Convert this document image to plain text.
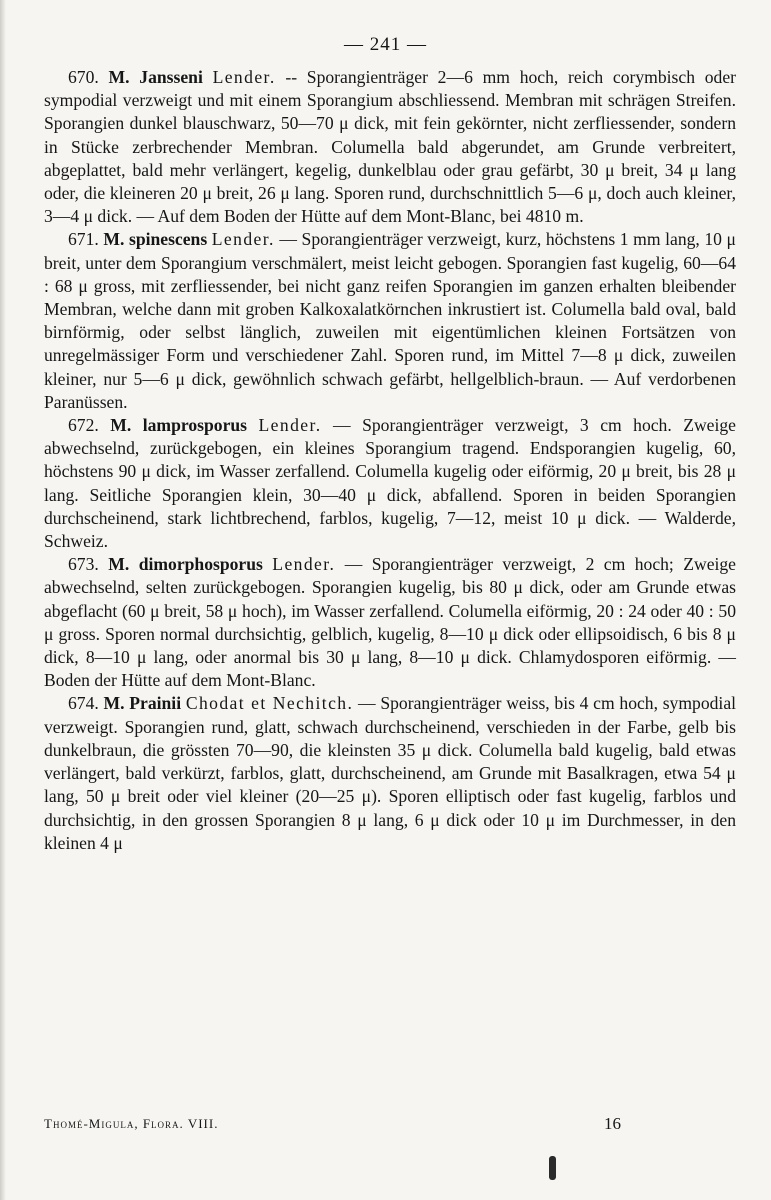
— 241 —

670. M. Jansseni Lender. -- Sporangienträger 2—6 mm hoch, reich corymbisch oder sympodial verzweigt und mit einem Sporangium abschliessend. Membran mit schrägen Streifen. Sporangien dunkel blauschwarz, 50—70 μ dick, mit fein gekörnter, nicht zerfliessender, sondern in Stücke zerbrechender Membran. Columella bald abgerundet, am Grunde verbreitert, abgeplattet, bald mehr verlängert, kegelig, dunkelblau oder grau gefärbt, 30 μ breit, 34 μ lang oder, die kleineren 20 μ breit, 26 μ lang. Sporen rund, durchschnittlich 5—6 μ, doch auch kleiner, 3—4 μ dick. — Auf dem Boden der Hütte auf dem Mont-Blanc, bei 4810 m.

671. M. spinescens Lender. — Sporangienträger verzweigt, kurz, höchstens 1 mm lang, 10 μ breit, unter dem Sporangium verschmälert, meist leicht gebogen. Sporangien fast kugelig, 60—64 : 68 μ gross, mit zerfliessender, bei nicht ganz reifen Sporangien im ganzen erhalten bleibender Membran, welche dann mit groben Kalkoxalatkörnchen inkrustiert ist. Columella bald oval, bald birnförmig, oder selbst länglich, zuweilen mit eigentümlichen kleinen Fortsätzen von unregelmässiger Form und verschiedener Zahl. Sporen rund, im Mittel 7—8 μ dick, zuweilen kleiner, nur 5—6 μ dick, gewöhnlich schwach gefärbt, hellgelblich-braun. — Auf verdorbenen Paranüssen.

672. M. lamprosporus Lender. — Sporangienträger verzweigt, 3 cm hoch. Zweige abwechselnd, zurückgebogen, ein kleines Sporangium tragend. Endsporangien kugelig, 60, höchstens 90 μ dick, im Wasser zerfallend. Columella kugelig oder eiförmig, 20 μ breit, bis 28 μ lang. Seitliche Sporangien klein, 30—40 μ dick, abfallend. Sporen in beiden Sporangien durchscheinend, stark lichtbrechend, farblos, kugelig, 7—12, meist 10 μ dick. — Walderde, Schweiz.

673. M. dimorphosporus Lender. — Sporangienträger verzweigt, 2 cm hoch; Zweige abwechselnd, selten zurückgebogen. Sporangien kugelig, bis 80 μ dick, oder am Grunde etwas abgeflacht (60 μ breit, 58 μ hoch), im Wasser zerfallend. Columella eiförmig, 20 : 24 oder 40 : 50 μ gross. Sporen normal durchsichtig, gelblich, kugelig, 8—10 μ dick oder ellipsoidisch, 6 bis 8 μ dick, 8—10 μ lang, oder anormal bis 30 μ lang, 8—10 μ dick. Chlamydosporen eiförmig. — Boden der Hütte auf dem Mont-Blanc.

674. M. Prainii Chodat et Nechitch. — Sporangienträger weiss, bis 4 cm hoch, sympodial verzweigt. Sporangien rund, glatt, schwach durchscheinend, verschieden in der Farbe, gelb bis dunkelbraun, die grössten 70—90, die kleinsten 35 μ dick. Columella bald kugelig, bald etwas verlängert, bald verkürzt, farblos, glatt, durchscheinend, am Grunde mit Basalkragen, etwa 54 μ lang, 50 μ breit oder viel kleiner (20—25 μ). Sporen elliptisch oder fast kugelig, farblos und durchsichtig, in den grossen Sporangien 8 μ lang, 6 μ dick oder 10 μ im Durchmesser, in den kleinen 4 μ

Thomé-Migula, Flora. VIII.	16
